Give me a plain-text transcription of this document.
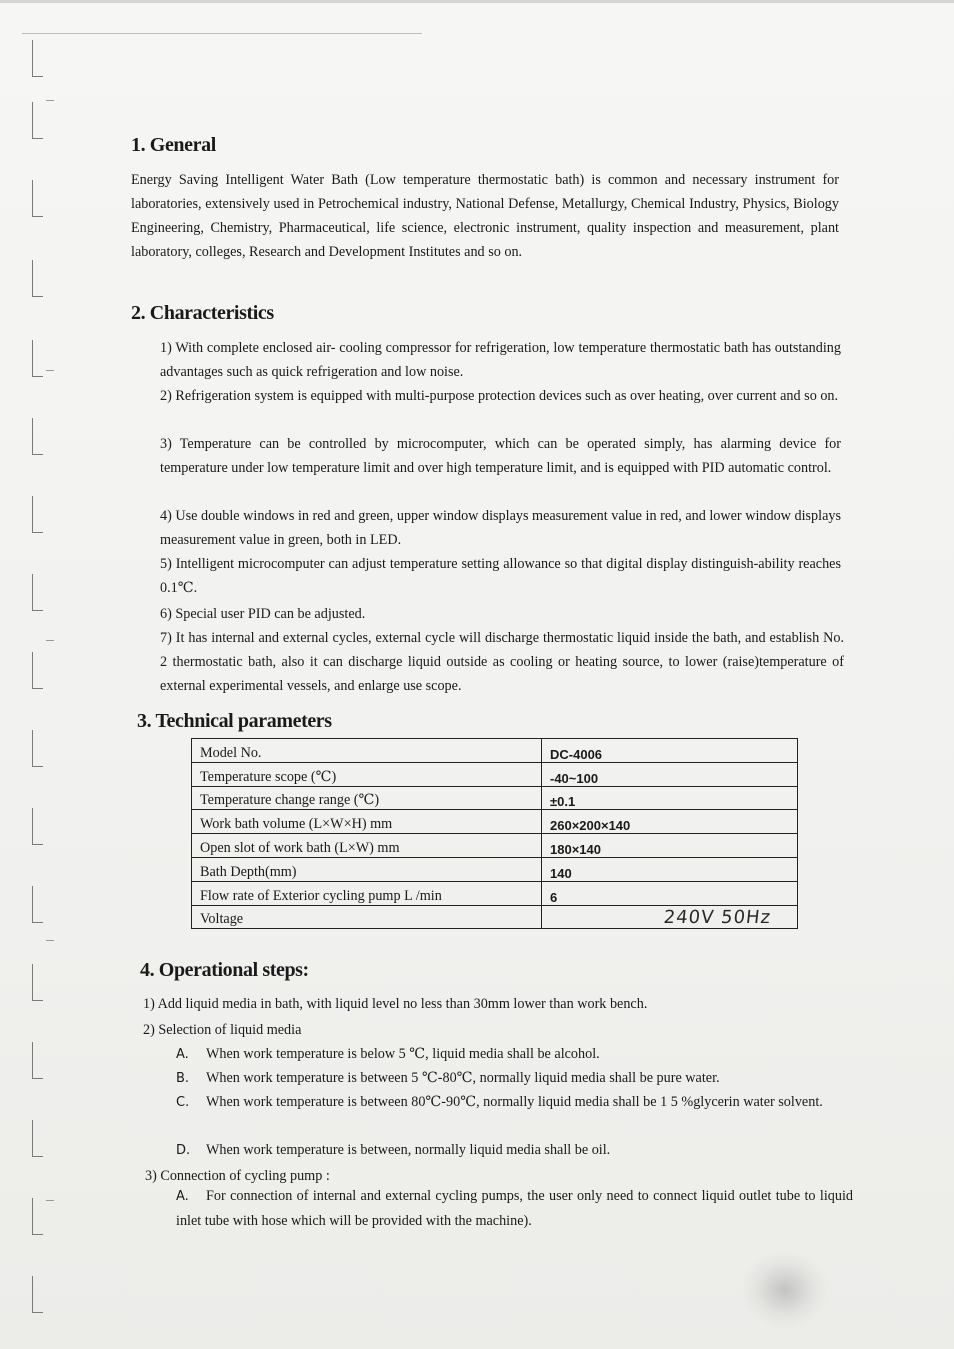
1. General
Energy Saving Intelligent Water Bath (Low temperature thermostatic bath) is common and necessary instrument for laboratories, extensively used in Petrochemical industry, National Defense, Metallurgy, Chemical Industry, Physics, Biology Engineering, Chemistry, Pharmaceutical, life science, electronic instrument, quality inspection and measurement, plant laboratory, colleges, Research and Development Institutes and so on.
2. Characteristics
1) With complete enclosed air- cooling compressor for refrigeration, low temperature thermostatic bath has outstanding advantages such as quick refrigeration and low noise.
2) Refrigeration system is equipped with multi-purpose protection devices such as over heating, over current and so on.
3) Temperature can be controlled by microcomputer, which can be operated simply, has alarming device for temperature under low temperature limit and over high temperature limit, and is equipped with PID automatic control.
4) Use double windows in red and green, upper window displays measurement value in red, and lower window displays measurement value in green, both in LED.
5) Intelligent microcomputer can adjust temperature setting allowance so that digital display distinguish-ability reaches 0.1℃.
6) Special user PID can be adjusted.
7) It has internal and external cycles, external cycle will discharge thermostatic liquid inside the bath, and establish No. 2 thermostatic bath, also it can discharge liquid outside as cooling or heating source, to lower (raise)temperature of external experimental vessels, and enlarge use scope.
3. Technical parameters
Model No.	DC-4006
Temperature scope (℃)	-40~100
Temperature change range (℃)	±0.1
Work bath volume (L×W×H) mm	260×200×140
Open slot of work bath (L×W) mm	180×140
Bath Depth(mm)	140
Flow rate of Exterior cycling pump L /min	6
Voltage	240V 50Hz
4. Operational steps:
1) Add liquid media in bath, with liquid level no less than 30mm lower than work bench.
2) Selection of liquid media
A. When work temperature is below 5 ℃, liquid media shall be alcohol.
B. When work temperature is between 5 ℃-80℃, normally liquid media shall be pure water.
C. When work temperature is between 80℃-90℃, normally liquid media shall be 1 5 %glycerin water solvent.
D. When work temperature is between, normally liquid media shall be oil.
3) Connection of cycling pump :
A. For connection of internal and external cycling pumps, the user only need to connect liquid outlet tube to liquid inlet tube with hose which will be provided with the machine).
